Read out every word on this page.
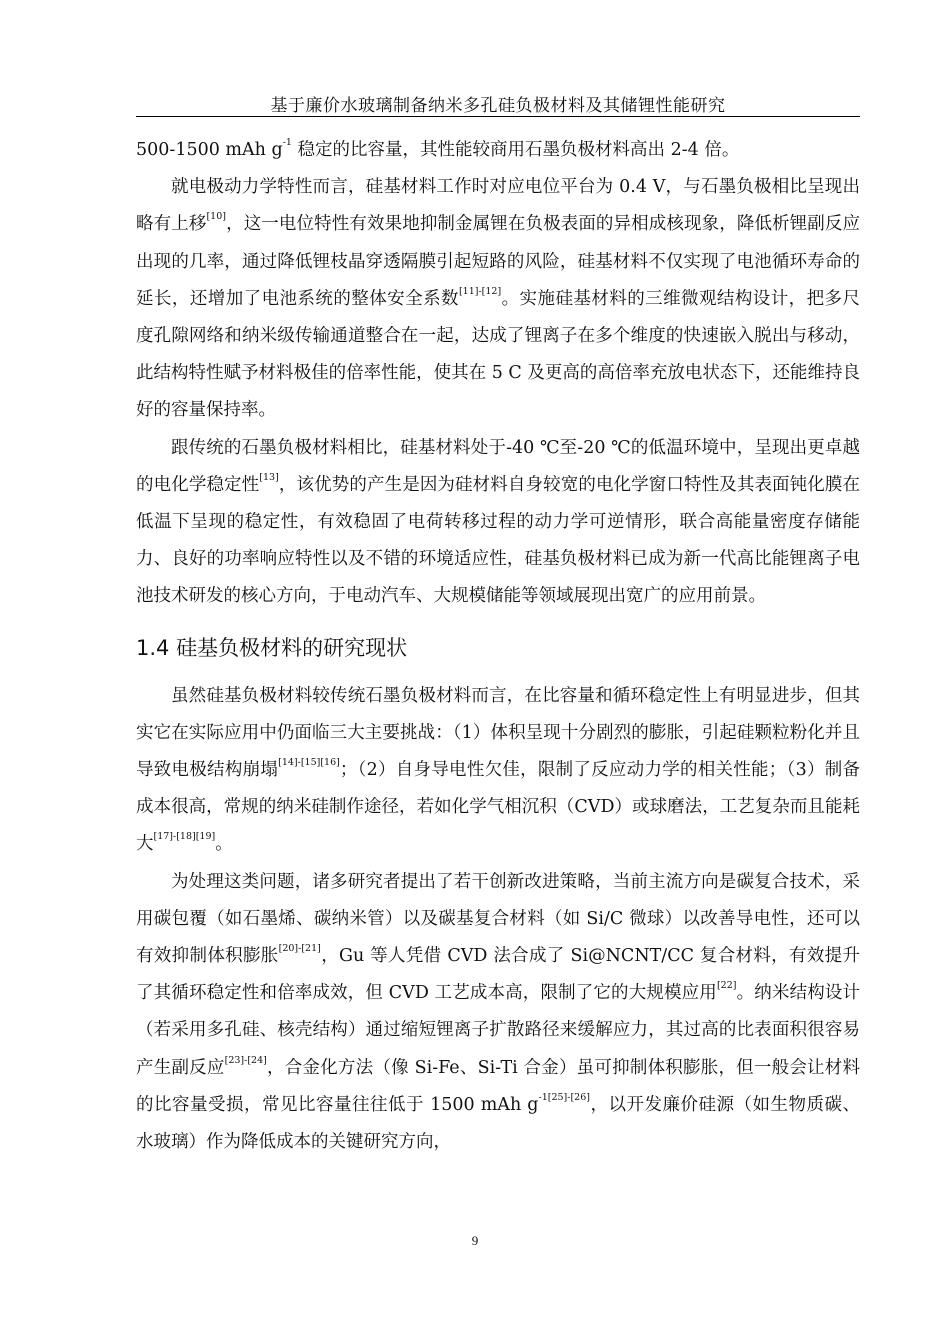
基于廉价水玻璃制备纳米多孔硅负极材料及其储锂性能研究

500-1500 mAh $g^{-1}$ 稳定的比容量，其性能较商用石墨负极材料高出 2-4 倍。

就电极动力学特性而言，硅基材料工作时对应电位平台为 0.4 V，与石墨负极相比呈现出略有上移[10]，这一电位特性有效果地抑制金属锂在负极表面的异相成核现象，降低析锂副反应出现的几率，通过降低锂枝晶穿透隔膜引起短路的风险，硅基材料不仅实现了电池循环寿命的延长，还增加了电池系统的整体安全系数[11]-[12]。实施硅基材料的三维微观结构设计，把多尺度孔隙网络和纳米级传输通道整合在一起，达成了锂离子在多个维度的快速嵌入脱出与移动，此结构特性赋予材料极佳的倍率性能，使其在 5 C 及更高的高倍率充放电状态下，还能维持良好的容量保持率。

跟传统的石墨负极材料相比，硅基材料处于-40 ℃至-20 ℃的低温环境中，呈现出更卓越的电化学稳定性[13]，该优势的产生是因为硅材料自身较宽的电化学窗口特性及其表面钝化膜在低温下呈现的稳定性，有效稳固了电荷转移过程的动力学可逆情形，联合高能量密度存储能力、良好的功率响应特性以及不错的环境适应性，硅基负极材料已成为新一代高比能锂离子电池技术研发的核心方向，于电动汽车、大规模储能等领域展现出宽广的应用前景。

1.4 硅基负极材料的研究现状

虽然硅基负极材料较传统石墨负极材料而言，在比容量和循环稳定性上有明显进步，但其实它在实际应用中仍面临三大主要挑战：（1）体积呈现十分剧烈的膨胀，引起硅颗粒粉化并且导致电极结构崩塌[14]-[15][16]；（2）自身导电性欠佳，限制了反应动力学的相关性能；（3）制备成本很高，常规的纳米硅制作途径，若如化学气相沉积（CVD）或球磨法，工艺复杂而且能耗大[17]-[18][19]。

为处理这类问题，诸多研究者提出了若干创新改进策略，当前主流方向是碳复合技术，采用碳包覆（如石墨烯、碳纳米管）以及碳基复合材料（如 Si/C 微球）以改善导电性，还可以有效抑制体积膨胀[20]-[21]，Gu 等人凭借 CVD 法合成了 Si@NCNT/CC 复合材料，有效提升了其循环稳定性和倍率成效，但 CVD 工艺成本高，限制了它的大规模应用[22]。纳米结构设计（若采用多孔硅、核壳结构）通过缩短锂离子扩散路径来缓解应力，其过高的比表面积很容易产生副反应[23]-[24]，合金化方法（像 Si-Fe、Si-Ti 合金）虽可抑制体积膨胀，但一般会让材料的比容量受损，常见比容量往往低于 1500 mAh $g^{-1[25]-[26]}$，以开发廉价硅源（如生物质碳、水玻璃）作为降低成本的关键研究方向，

9
